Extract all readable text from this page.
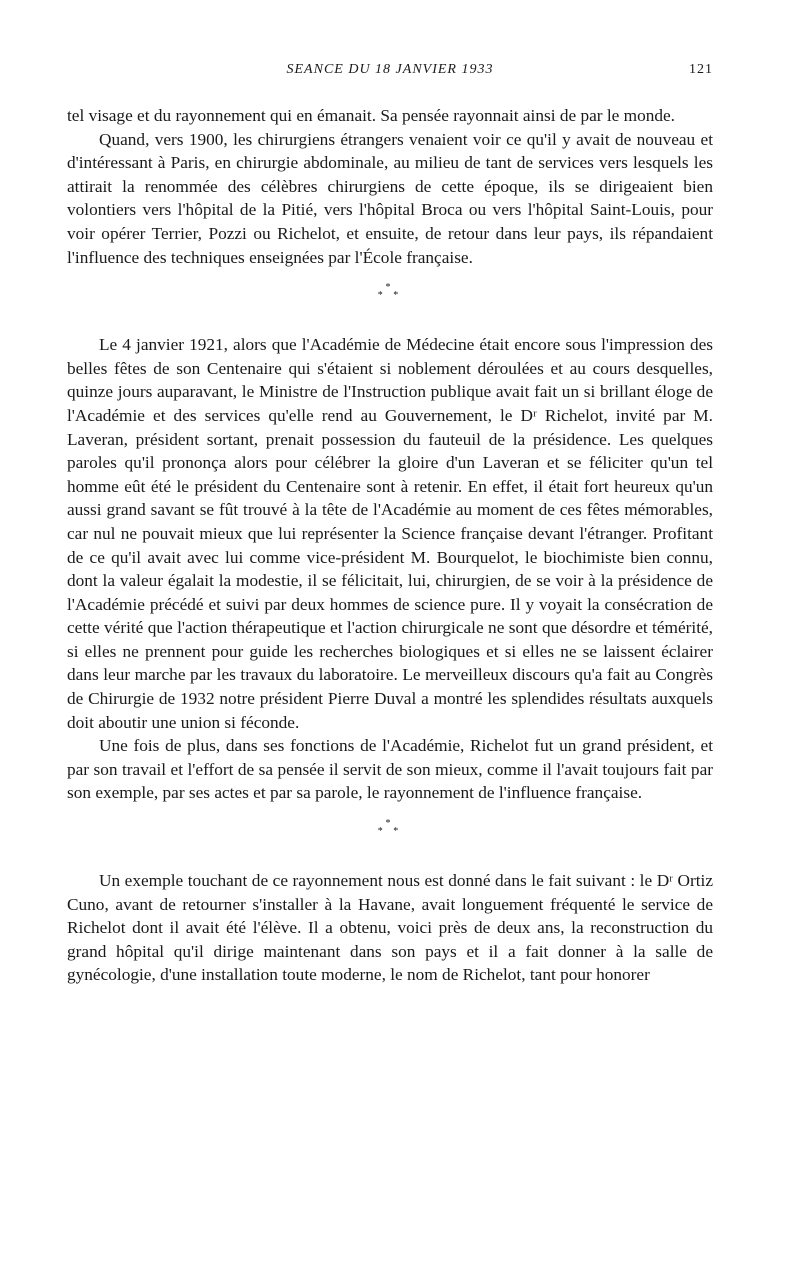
SEANCE DU 18 JANVIER 1933	121

tel visage et du rayonnement qui en émanait. Sa pensée rayonnait ainsi de par le monde.

Quand, vers 1900, les chirurgiens étrangers venaient voir ce qu'il y avait de nouveau et d'intéressant à Paris, en chirurgie abdominale, au milieu de tant de services vers lesquels les attirait la renommée des célèbres chirurgiens de cette époque, ils se dirigeaient bien volontiers vers l'hôpital de la Pitié, vers l'hôpital Broca ou vers l'hôpital Saint-Louis, pour voir opérer Terrier, Pozzi ou Richelot, et ensuite, de retour dans leur pays, ils répandaient l'influence des techniques enseignées par l'École française.

*
* *

Le 4 janvier 1921, alors que l'Académie de Médecine était encore sous l'impression des belles fêtes de son Centenaire qui s'étaient si noblement déroulées et au cours desquelles, quinze jours auparavant, le Ministre de l'Instruction publique avait fait un si brillant éloge de l'Académie et des services qu'elle rend au Gouvernement, le Dʳ Richelot, invité par M. Laveran, président sortant, prenait possession du fauteuil de la présidence. Les quelques paroles qu'il prononça alors pour célébrer la gloire d'un Laveran et se féliciter qu'un tel homme eût été le président du Centenaire sont à retenir. En effet, il était fort heureux qu'un aussi grand savant se fût trouvé à la tête de l'Académie au moment de ces fêtes mémorables, car nul ne pouvait mieux que lui représenter la Science française devant l'étranger. Profitant de ce qu'il avait avec lui comme vice-président M. Bourquelot, le biochimiste bien connu, dont la valeur égalait la modestie, il se félicitait, lui, chirurgien, de se voir à la présidence de l'Académie précédé et suivi par deux hommes de science pure. Il y voyait la consécration de cette vérité que l'action thérapeutique et l'action chirurgicale ne sont que désordre et témérité, si elles ne prennent pour guide les recherches biologiques et si elles ne se laissent éclairer dans leur marche par les travaux du laboratoire. Le merveilleux discours qu'a fait au Congrès de Chirurgie de 1932 notre président Pierre Duval a montré les splendides résultats auxquels doit aboutir une union si féconde.

Une fois de plus, dans ses fonctions de l'Académie, Richelot fut un grand président, et par son travail et l'effort de sa pensée il servit de son mieux, comme il l'avait toujours fait par son exemple, par ses actes et par sa parole, le rayonnement de l'influence française.

*
* *

Un exemple touchant de ce rayonnement nous est donné dans le fait suivant : le Dʳ Ortiz Cuno, avant de retourner s'installer à la Havane, avait longuement fréquenté le service de Richelot dont il avait été l'élève. Il a obtenu, voici près de deux ans, la reconstruction du grand hôpital qu'il dirige maintenant dans son pays et il a fait donner à la salle de gynécologie, d'une installation toute moderne, le nom de Richelot, tant pour honorer
